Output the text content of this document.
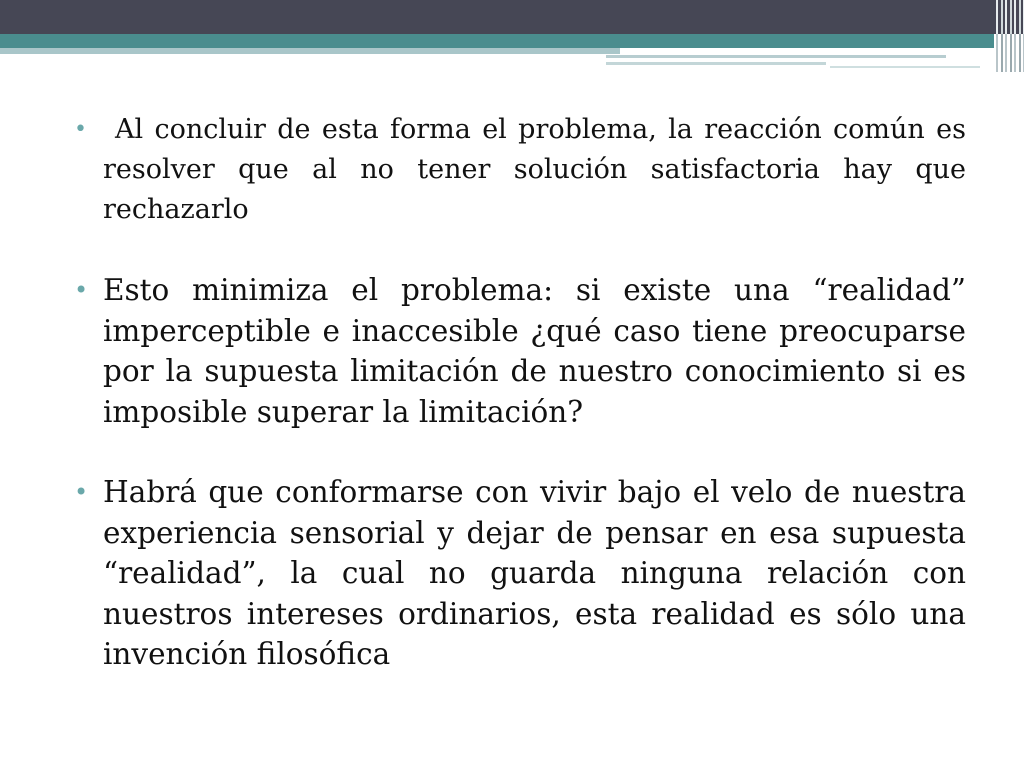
•	Al concluir de esta forma el problema, la reacción común es resolver que al no tener solución satisfactoria hay que rechazarlo
• Esto minimiza el problema: si existe una “realidad” imperceptible e inaccesible ¿qué caso tiene preocuparse por la supuesta limitación de nuestro conocimiento si es imposible superar la limitación?
• Habrá que conformarse con vivir bajo el velo de nuestra experiencia sensorial y dejar de pensar en esa supuesta “realidad”, la cual no guarda ninguna relación con nuestros intereses ordinarios, esta realidad es sólo una invención filosófica
